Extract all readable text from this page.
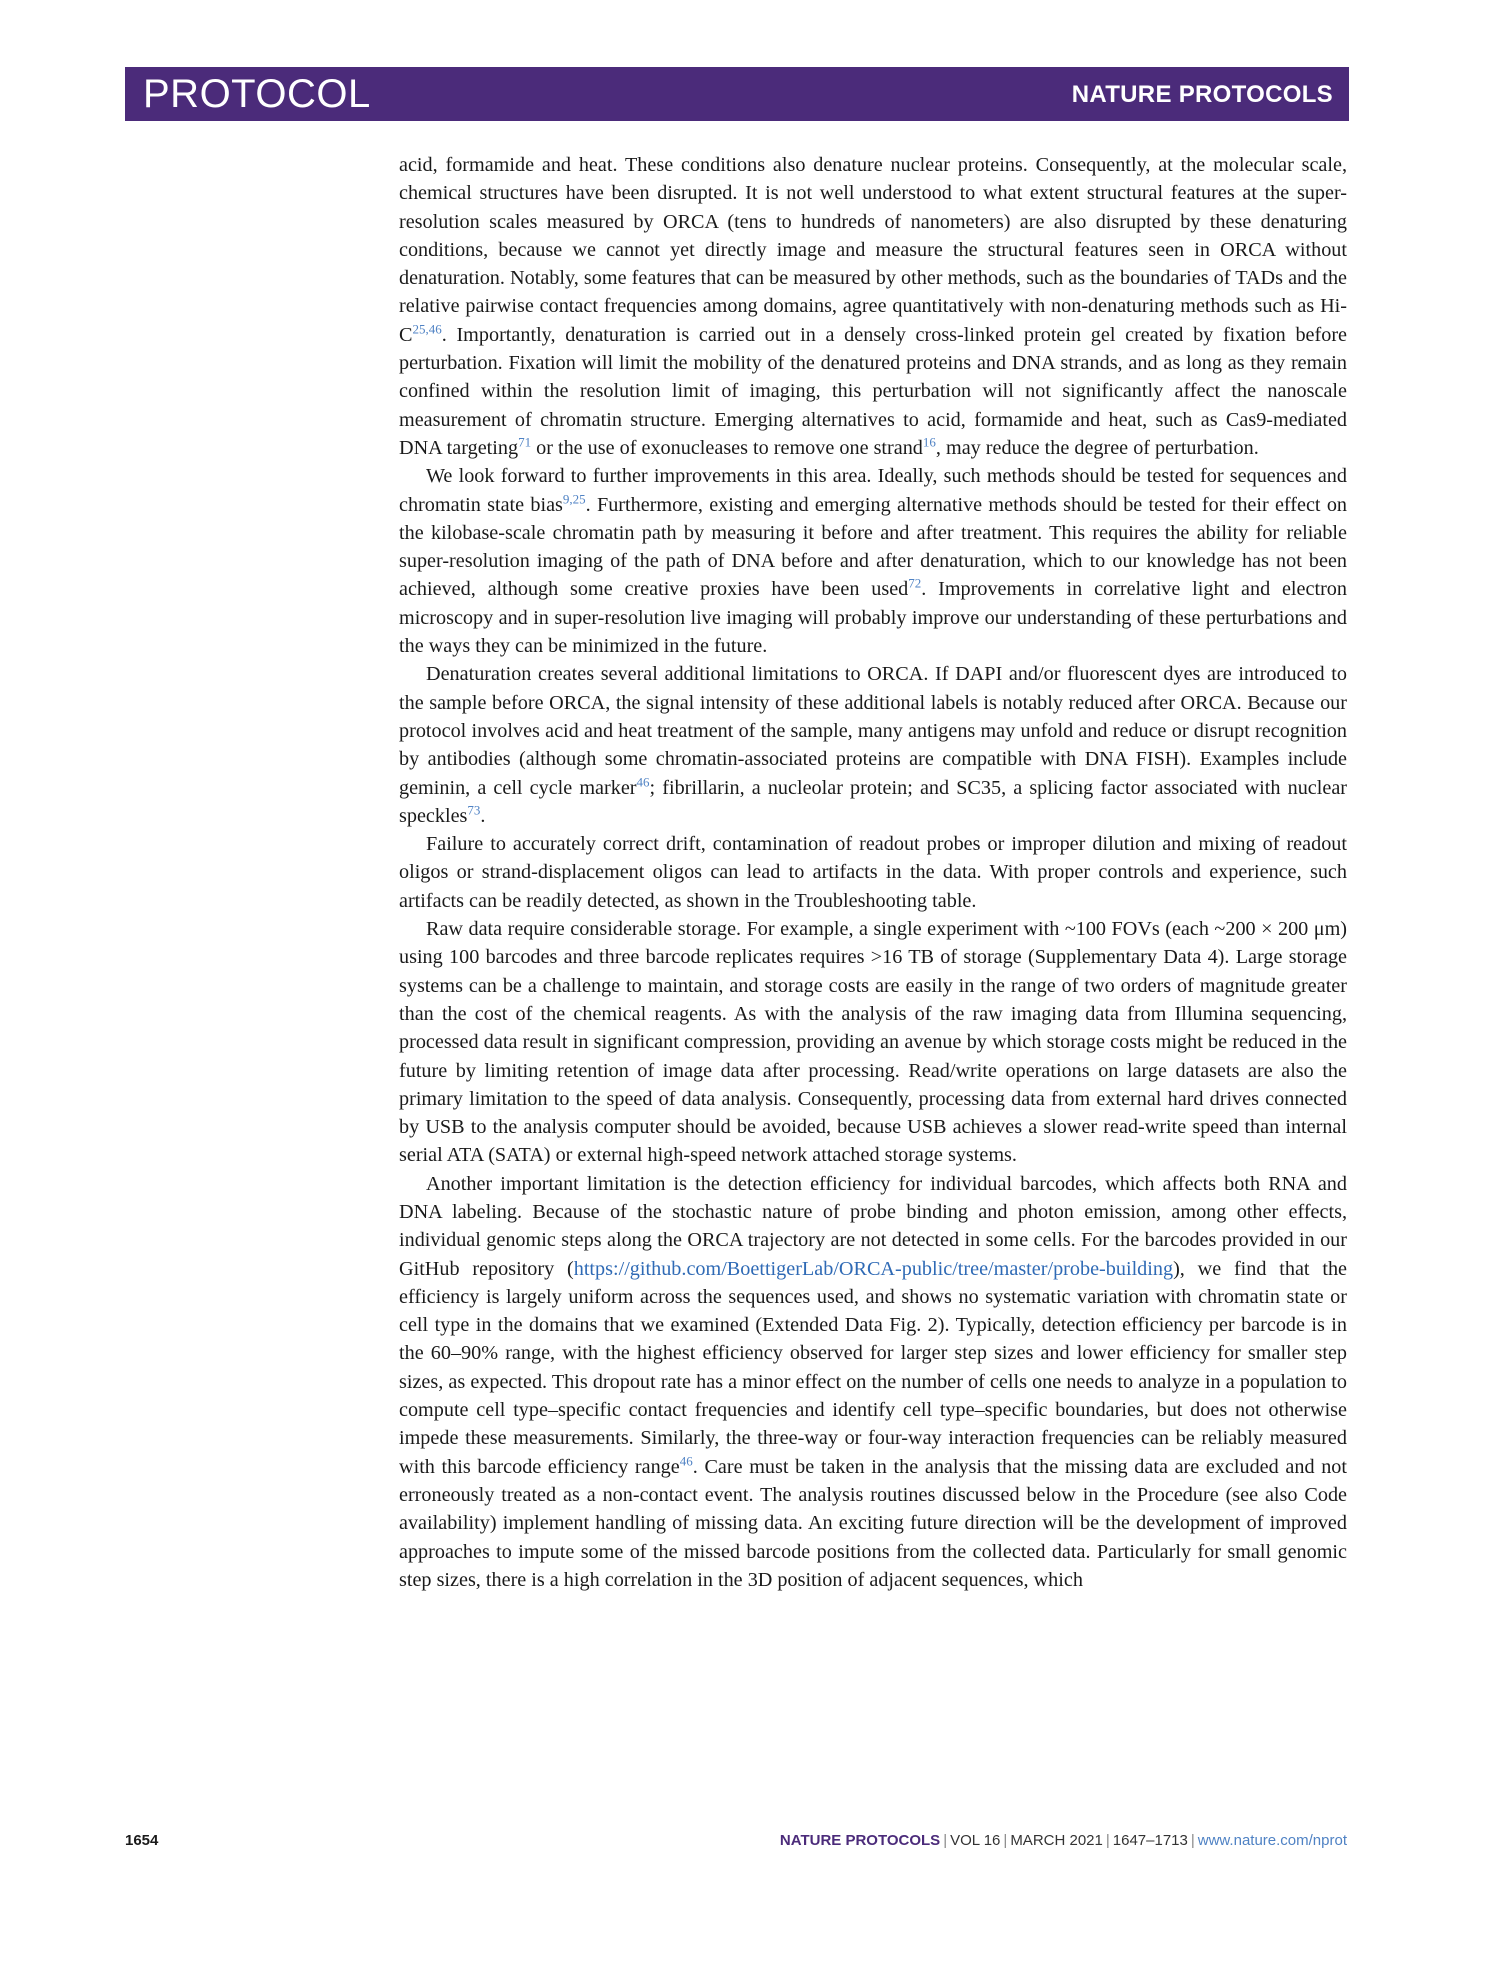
PROTOCOL	NATURE PROTOCOLS

acid, formamide and heat. These conditions also denature nuclear proteins. Consequently, at the molecular scale, chemical structures have been disrupted. It is not well understood to what extent structural features at the super-resolution scales measured by ORCA (tens to hundreds of nanometers) are also disrupted by these denaturing conditions, because we cannot yet directly image and measure the structural features seen in ORCA without denaturation. Notably, some features that can be measured by other methods, such as the boundaries of TADs and the relative pairwise contact frequencies among domains, agree quantitatively with non-denaturing methods such as $Hi-C^{25,46}$. Importantly, denaturation is carried out in a densely cross-linked protein gel created by fixation before perturbation. Fixation will limit the mobility of the denatured proteins and DNA strands, and as long as they remain confined within the resolution limit of imaging, this perturbation will not significantly affect the nanoscale measurement of chromatin structure. Emerging alternatives to acid, formamide and heat, such as Cas9-mediated DNA targeting$^{71}$ or the use of exonucleases to remove one strand$^{16}$, may reduce the degree of perturbation.

We look forward to further improvements in this area. Ideally, such methods should be tested for sequences and chromatin state bias$^{9,25}$. Furthermore, existing and emerging alternative methods should be tested for their effect on the kilobase-scale chromatin path by measuring it before and after treatment. This requires the ability for reliable super-resolution imaging of the path of DNA before and after denaturation, which to our knowledge has not been achieved, although some creative proxies have been used$^{72}$. Improvements in correlative light and electron microscopy and in super-resolution live imaging will probably improve our understanding of these perturbations and the ways they can be minimized in the future.

Denaturation creates several additional limitations to ORCA. If DAPI and/or fluorescent dyes are introduced to the sample before ORCA, the signal intensity of these additional labels is notably reduced after ORCA. Because our protocol involves acid and heat treatment of the sample, many antigens may unfold and reduce or disrupt recognition by antibodies (although some chromatin-associated proteins are compatible with DNA FISH). Examples include geminin, a cell cycle marker$^{46}$; fibrillarin, a nucleolar protein; and SC35, a splicing factor associated with nuclear speckles$^{73}$.

Failure to accurately correct drift, contamination of readout probes or improper dilution and mixing of readout oligos or strand-displacement oligos can lead to artifacts in the data. With proper controls and experience, such artifacts can be readily detected, as shown in the Troubleshooting table.

Raw data require considerable storage. For example, a single experiment with ~100 FOVs (each ~200 × 200 μm) using 100 barcodes and three barcode replicates requires >16 TB of storage (Supplementary Data 4). Large storage systems can be a challenge to maintain, and storage costs are easily in the range of two orders of magnitude greater than the cost of the chemical reagents. As with the analysis of the raw imaging data from Illumina sequencing, processed data result in significant compression, providing an avenue by which storage costs might be reduced in the future by limiting retention of image data after processing. Read/write operations on large datasets are also the primary limitation to the speed of data analysis. Consequently, processing data from external hard drives connected by USB to the analysis computer should be avoided, because USB achieves a slower read-write speed than internal serial ATA (SATA) or external high-speed network attached storage systems.

Another important limitation is the detection efficiency for individual barcodes, which affects both RNA and DNA labeling. Because of the stochastic nature of probe binding and photon emission, among other effects, individual genomic steps along the ORCA trajectory are not detected in some cells. For the barcodes provided in our GitHub repository (https://github.com/BoettigerLab/ORCA-public/tree/master/probe-building), we find that the efficiency is largely uniform across the sequences used, and shows no systematic variation with chromatin state or cell type in the domains that we examined (Extended Data Fig. 2). Typically, detection efficiency per barcode is in the 60–90% range, with the highest efficiency observed for larger step sizes and lower efficiency for smaller step sizes, as expected. This dropout rate has a minor effect on the number of cells one needs to analyze in a population to compute cell type–specific contact frequencies and identify cell type–specific boundaries, but does not otherwise impede these measurements. Similarly, the three-way or four-way interaction frequencies can be reliably measured with this barcode efficiency range$^{46}$. Care must be taken in the analysis that the missing data are excluded and not erroneously treated as a non-contact event. The analysis routines discussed below in the Procedure (see also Code availability) implement handling of missing data. An exciting future direction will be the development of improved approaches to impute some of the missed barcode positions from the collected data. Particularly for small genomic step sizes, there is a high correlation in the 3D position of adjacent sequences, which

1654	NATURE PROTOCOLS | VOL 16 | MARCH 2021 | 1647–1713 | www.nature.com/nprot
